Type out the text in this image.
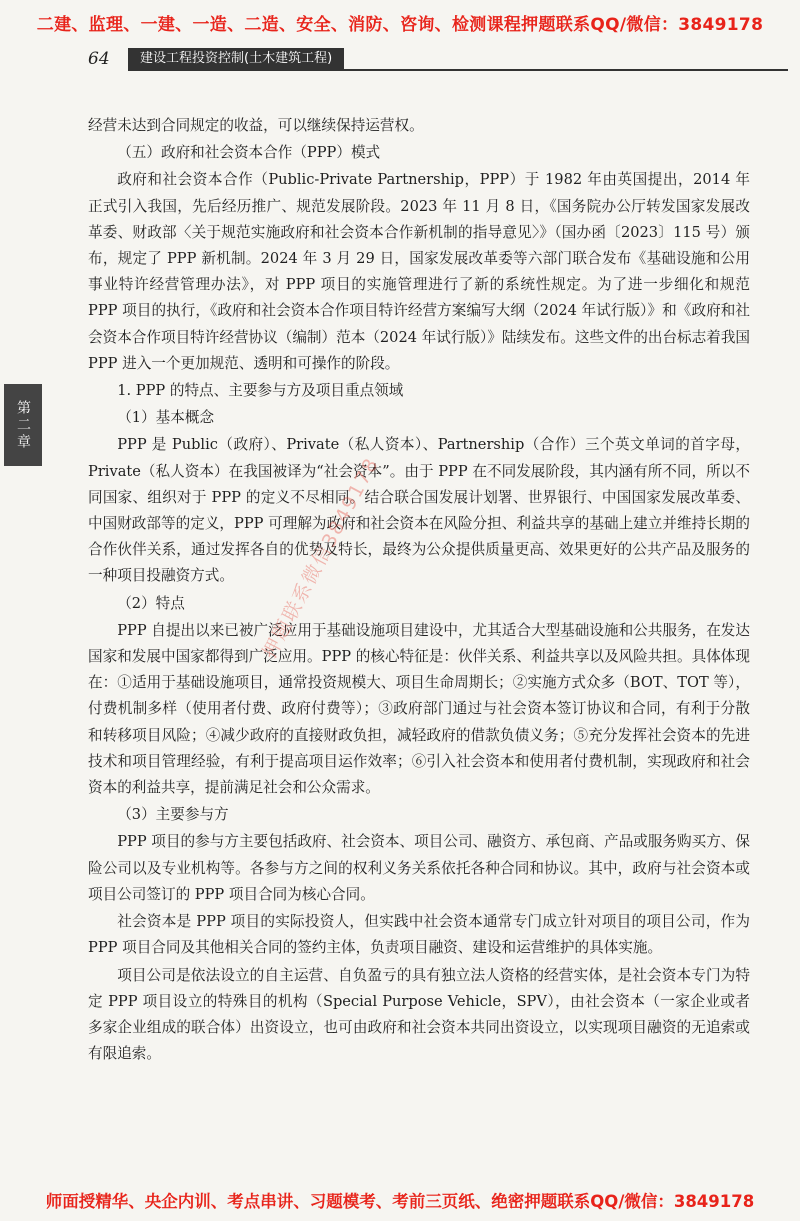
二建、监理、一建、一造、二造、安全、消防、咨询、检测课程押题联系QQ/微信：3849178
64	建设工程投资控制(土木建筑工程)
第二章

经营未达到合同规定的收益，可以继续保持运营权。

（五）政府和社会资本合作（PPP）模式

政府和社会资本合作（Public-Private Partnership，PPP）于 1982 年由英国提出，2014 年正式引入我国，先后经历推广、规范发展阶段。2023 年 11 月 8 日，《国务院办公厅转发国家发展改革委、财政部〈关于规范实施政府和社会资本合作新机制的指导意见〉》（国办函〔2023〕115 号）颁布，规定了 PPP 新机制。2024 年 3 月 29 日，国家发展改革委等六部门联合发布《基础设施和公用事业特许经营管理办法》，对 PPP 项目的实施管理进行了新的系统性规定。为了进一步细化和规范 PPP 项目的执行，《政府和社会资本合作项目特许经营方案编写大纲（2024 年试行版）》和《政府和社会资本合作项目特许经营协议（编制）范本（2024 年试行版）》陆续发布。这些文件的出台标志着我国 PPP 进入一个更加规范、透明和可操作的阶段。

1. PPP 的特点、主要参与方及项目重点领域

（1）基本概念

PPP 是 Public（政府）、Private（私人资本）、Partnership（合作）三个英文单词的首字母，Private（私人资本）在我国被译为“社会资本”。由于 PPP 在不同发展阶段，其内涵有所不同，所以不同国家、组织对于 PPP 的定义不尽相同。结合联合国发展计划署、世界银行、中国国家发展改革委、中国财政部等的定义，PPP 可理解为政府和社会资本在风险分担、利益共享的基础上建立并维持长期的合作伙伴关系，通过发挥各自的优势及特长，最终为公众提供质量更高、效果更好的公共产品及服务的一种项目投融资方式。

（2）特点

PPP 自提出以来已被广泛应用于基础设施项目建设中，尤其适合大型基础设施和公共服务，在发达国家和发展中国家都得到广泛应用。PPP 的核心特征是：伙伴关系、利益共享以及风险共担。具体体现在：①适用于基础设施项目，通常投资规模大、项目生命周期长；②实施方式众多（BOT、TOT 等），付费机制多样（使用者付费、政府付费等）；③政府部门通过与社会资本签订协议和合同，有利于分散和转移项目风险；④减少政府的直接财政负担，减轻政府的借款负债义务；⑤充分发挥社会资本的先进技术和项目管理经验，有利于提高项目运作效率；⑥引入社会资本和使用者付费机制，实现政府和社会资本的利益共享，提前满足社会和公众需求。

（3）主要参与方

PPP 项目的参与方主要包括政府、社会资本、项目公司、融资方、承包商、产品或服务购买方、保险公司以及专业机构等。各参与方之间的权利义务关系依托各种合同和协议。其中，政府与社会资本或项目公司签订的 PPP 项目合同为核心合同。

社会资本是 PPP 项目的实际投资人，但实践中社会资本通常专门成立针对项目的项目公司，作为 PPP 项目合同及其他相关合同的签约主体，负责项目融资、建设和运营维护的具体实施。

项目公司是依法设立的自主运营、自负盈亏的具有独立法人资格的经营实体，是社会资本专门为特定 PPP 项目设立的特殊目的机构（Special Purpose Vehicle，SPV），由社会资本（一家企业或者多家企业组成的联合体）出资设立，也可由政府和社会资本共同出资设立，以实现项目融资的无追索或有限追索。

押题联系微信3849178
师面授精华、央企内训、考点串讲、习题模考、考前三页纸、绝密押题联系QQ/微信：3849178
